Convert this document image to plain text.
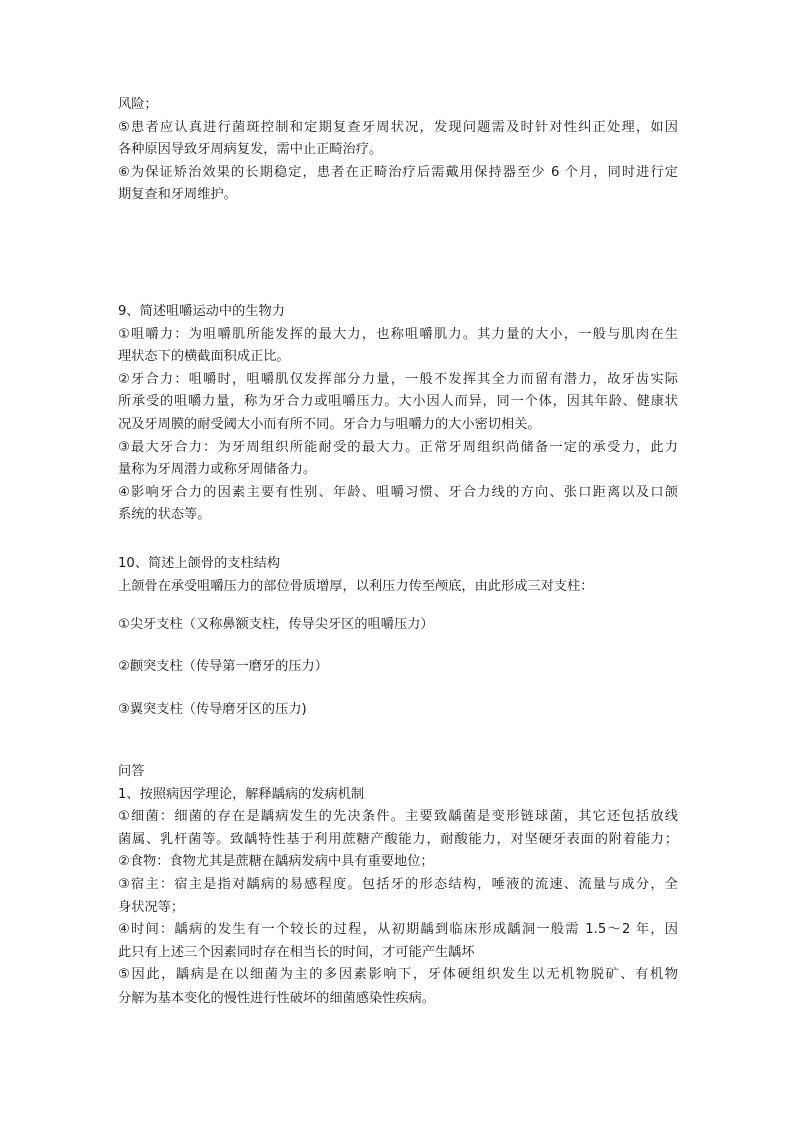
风险；
⑤患者应认真进行菌斑控制和定期复查牙周状况，发现问题需及时针对性纠正处理，如因
各种原因导致牙周病复发，需中止正畸治疗。
⑥为保证矫治效果的长期稳定，患者在正畸治疗后需戴用保持器至少 6 个月，同时进行定
期复查和牙周维护。
9、简述咀嚼运动中的生物力
①咀嚼力：为咀嚼肌所能发挥的最大力，也称咀嚼肌力。其力量的大小，一般与肌肉在生
理状态下的横截面积成正比。
②牙合力：咀嚼时，咀嚼肌仅发挥部分力量，一般不发挥其全力而留有潜力，故牙齿实际
所承受的咀嚼力量，称为牙合力或咀嚼压力。大小因人而异，同一个体，因其年龄、健康状
况及牙周膜的耐受阈大小而有所不同。牙合力与咀嚼力的大小密切相关。
③最大牙合力：为牙周组织所能耐受的最大力。正常牙周组织尚储备一定的承受力，此力
量称为牙周潜力或称牙周储备力。
④影响牙合力的因素主要有性别、年龄、咀嚼习惯、牙合力线的方向、张口距离以及口颌
系统的状态等。
10、简述上颌骨的支柱结构
上颌骨在承受咀嚼压力的部位骨质增厚，以利压力传至颅底，由此形成三对支柱：
①尖牙支柱（又称鼻额支柱，传导尖牙区的咀嚼压力）
②颧突支柱（传导第一磨牙的压力）
③翼突支柱（传导磨牙区的压力)
问答
1、按照病因学理论，解释龋病的发病机制
①细菌：细菌的存在是龋病发生的先决条件。主要致龋菌是变形链球菌，其它还包括放线
菌属、乳杆菌等。致龋特性基于利用蔗糖产酸能力，耐酸能力，对坚硬牙表面的附着能力；
②食物：食物尤其是蔗糖在龋病发病中具有重要地位；
③宿主：宿主是指对龋病的易感程度。包括牙的形态结构，唾液的流速、流量与成分，全
身状况等；
④时间：龋病的发生有一个较长的过程，从初期龋到临床形成龋洞一般需 1.5～2 年，因
此只有上述三个因素同时存在相当长的时间，才可能产生龋坏
⑤因此，龋病是在以细菌为主的多因素影响下，牙体硬组织发生以无机物脱矿、有机物
分解为基本变化的慢性进行性破坏的细菌感染性疾病。
